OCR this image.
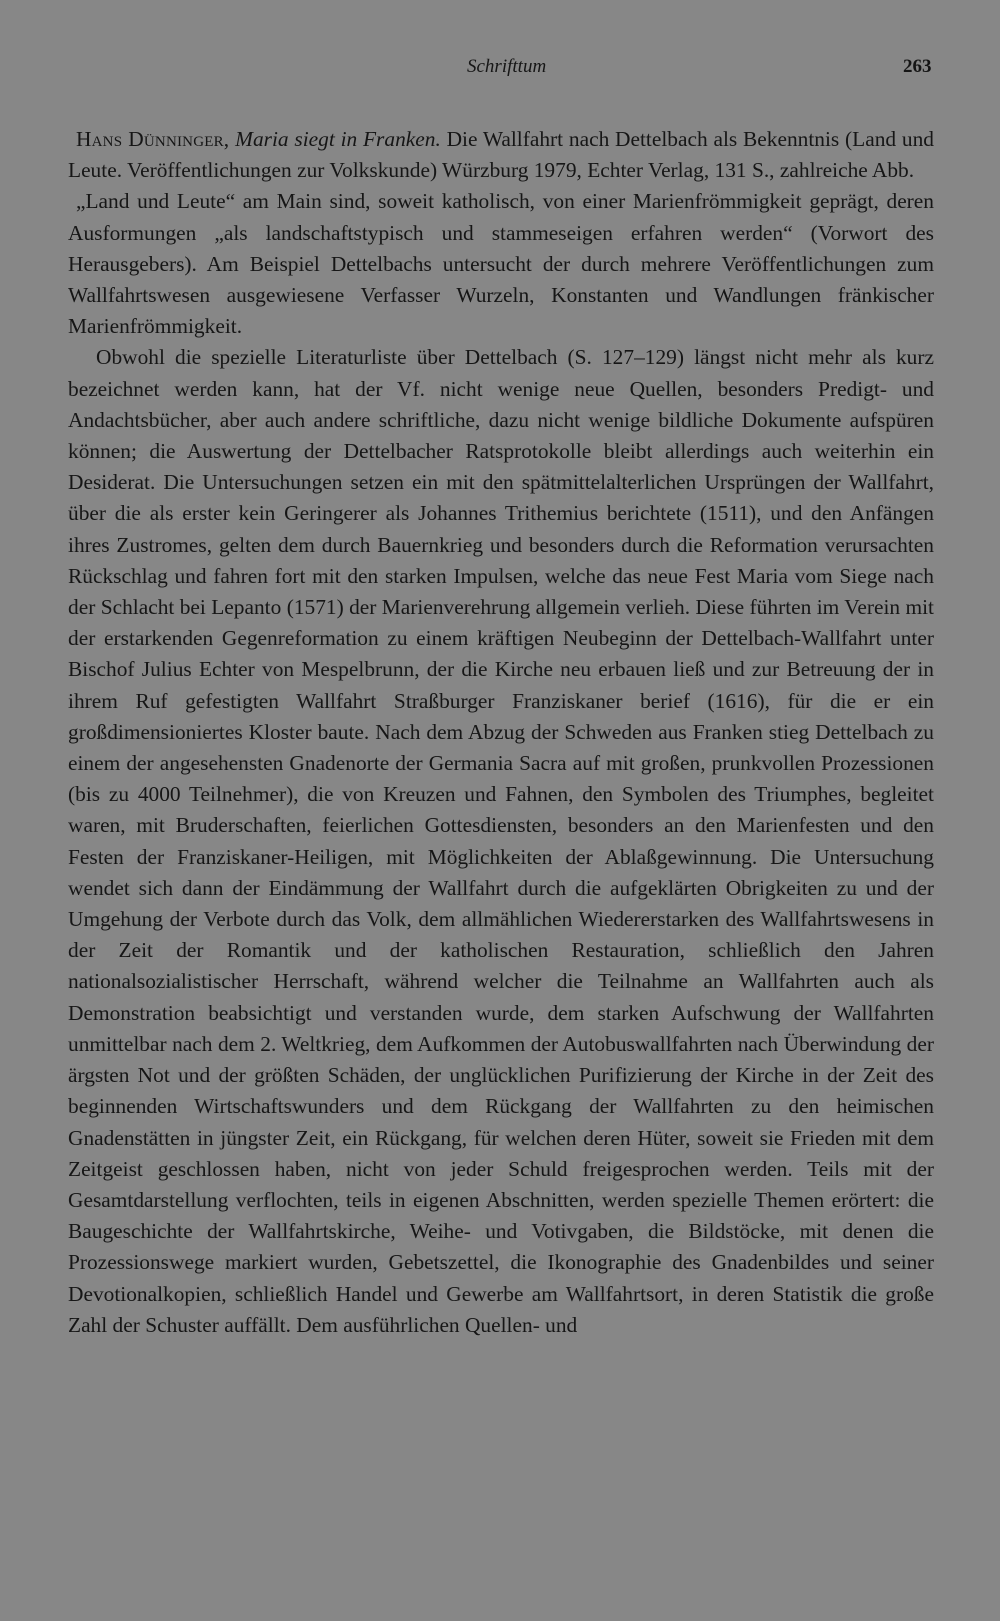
Schrifttum	263

Hans Dünninger, Maria siegt in Franken. Die Wallfahrt nach Dettelbach als Bekenntnis (Land und Leute. Veröffentlichungen zur Volkskunde) Würzburg 1979, Echter Verlag, 131 S., zahlreiche Abb.

„Land und Leute“ am Main sind, soweit katholisch, von einer Marienfrömmigkeit geprägt, deren Ausformungen „als landschaftstypisch und stammeseigen erfahren werden“ (Vorwort des Herausgebers). Am Beispiel Dettelbachs untersucht der durch mehrere Veröffentlichungen zum Wallfahrtswesen ausgewiesene Verfasser Wurzeln, Konstanten und Wandlungen fränkischer Marienfrömmigkeit.

Obwohl die spezielle Literaturliste über Dettelbach (S. 127–129) längst nicht mehr als kurz bezeichnet werden kann, hat der Vf. nicht wenige neue Quellen, besonders Predigt- und Andachtsbücher, aber auch andere schriftliche, dazu nicht wenige bildliche Dokumente aufspüren können; die Auswertung der Dettelbacher Ratsprotokolle bleibt allerdings auch weiterhin ein Desiderat. Die Untersuchungen setzen ein mit den spätmittelalterlichen Ursprüngen der Wallfahrt, über die als erster kein Geringerer als Johannes Trithemius berichtete (1511), und den Anfängen ihres Zustromes, gelten dem durch Bauernkrieg und besonders durch die Reformation verursachten Rückschlag und fahren fort mit den starken Impulsen, welche das neue Fest Maria vom Siege nach der Schlacht bei Lepanto (1571) der Marienverehrung allgemein verlieh. Diese führten im Verein mit der erstarkenden Gegenreformation zu einem kräftigen Neubeginn der Dettelbach-Wallfahrt unter Bischof Julius Echter von Mespelbrunn, der die Kirche neu erbauen ließ und zur Betreuung der in ihrem Ruf gefestigten Wallfahrt Straßburger Franziskaner berief (1616), für die er ein großdimensioniertes Kloster baute. Nach dem Abzug der Schweden aus Franken stieg Dettelbach zu einem der angesehensten Gnadenorte der Germania Sacra auf mit großen, prunkvollen Prozessionen (bis zu 4000 Teilnehmer), die von Kreuzen und Fahnen, den Symbolen des Triumphes, begleitet waren, mit Bruderschaften, feierlichen Gottesdiensten, besonders an den Marienfesten und den Festen der Franziskaner-Heiligen, mit Möglichkeiten der Ablaßgewinnung. Die Untersuchung wendet sich dann der Eindämmung der Wallfahrt durch die aufgeklärten Obrigkeiten zu und der Umgehung der Verbote durch das Volk, dem allmählichen Wiedererstarken des Wallfahrtswesens in der Zeit der Romantik und der katholischen Restauration, schließlich den Jahren nationalsozialistischer Herrschaft, während welcher die Teilnahme an Wallfahrten auch als Demonstration beabsichtigt und verstanden wurde, dem starken Aufschwung der Wallfahrten unmittelbar nach dem 2. Weltkrieg, dem Aufkommen der Autobuswallfahrten nach Überwindung der ärgsten Not und der größten Schäden, der unglücklichen Purifizierung der Kirche in der Zeit des beginnenden Wirtschaftswunders und dem Rückgang der Wallfahrten zu den heimischen Gnadenstätten in jüngster Zeit, ein Rückgang, für welchen deren Hüter, soweit sie Frieden mit dem Zeitgeist geschlossen haben, nicht von jeder Schuld freigesprochen werden. Teils mit der Gesamtdarstellung verflochten, teils in eigenen Abschnitten, werden spezielle Themen erörtert: die Baugeschichte der Wallfahrtskirche, Weihe- und Votivgaben, die Bildstöcke, mit denen die Prozessionswege markiert wurden, Gebetszettel, die Ikonographie des Gnadenbildes und seiner Devotionalkopien, schließlich Handel und Gewerbe am Wallfahrtsort, in deren Statistik die große Zahl der Schuster auffällt. Dem ausführlichen Quellen- und
